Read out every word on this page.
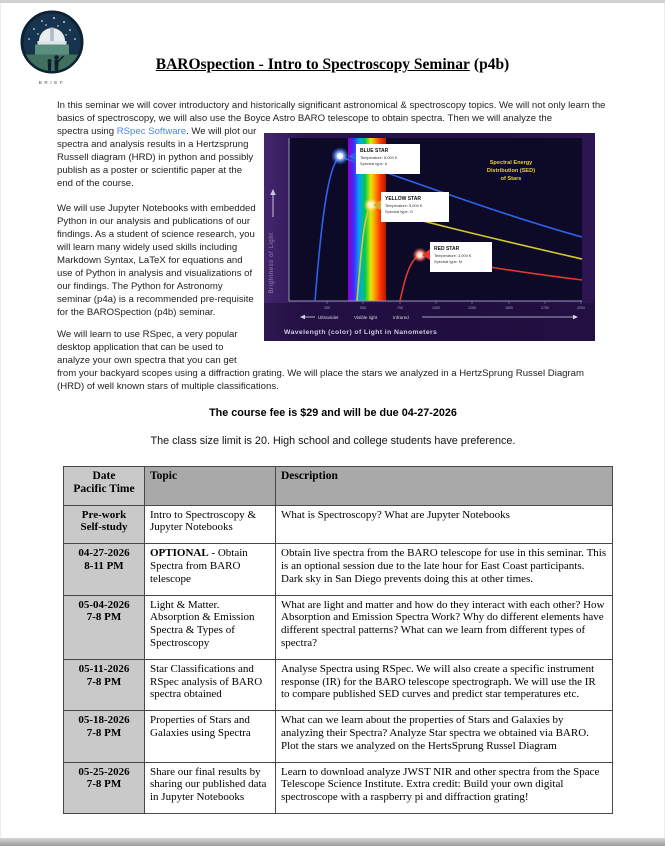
BRIEF
BAROspection - Intro to Spectroscopy Seminar (p4b)

In this seminar we will cover introductory and historically significant astronomical & spectroscopy topics. We will not only learn the basics of spectroscopy, we will also use the Boyce Astro BARO telescope to obtain spectra. Then we will analyze the

BLUE STAR
Temperature: 8,000 K
Spectral type: A
YELLOW STAR
Temperature: 5,000 K
Spectral type: G
RED STAR
Temperature: 3,000 K
Spectral type: M
Spectral Energy
Distribution (SED)
of Stars
Brightness of Light
250	500	750	1000	1250	1500	1750	2000
Ultraviolet	Visible light	Infrared
Wavelength (color) of Light in Nanometers

spectra using RSpec Software. We will plot our spectra and analysis results in a Hertzsprung Russell diagram (HRD) in python and possibly publish as a poster or scientific paper at the end of the course.

We will use Jupyter Notebooks with embedded Python in our analysis and publications of our findings. As a student of science research, you will learn many widely used skills including Markdown Syntax, LaTeX for equations and use of Python in analysis and visualizations of our findings. The Python for Astronomy seminar (p4a) is a recommended pre-requisite for the BAROSpection (p4b) seminar.

We will learn to use RSpec, a very popular desktop application that can be used to analyze your own spectra that you can get from your backyard scopes using a diffraction grating. We will place the stars we analyzed in a HertzSprung Russel Diagram (HRD) of well known stars of multiple classifications.

The course fee is $29 and will be due 04-27-2026

The class size limit is 20. High school and college students have preference.

Date
Pacific Time	Topic	Description

Pre-work
Self-study	Intro to Spectroscopy & Jupyter Notebooks	What is Spectroscopy? What are Jupyter Notebooks

04-27-2026
8-11 PM	OPTIONAL - Obtain Spectra from BARO telescope	Obtain live spectra from the BARO telescope for use in this seminar. This is an optional session due to the late hour for East Coast participants. Dark sky in San Diego prevents doing this at other times.

05-04-2026
7-8 PM	Light & Matter. Absorption & Emission Spectra & Types of Spectroscopy	What are light and matter and how do they interact with each other? How Absorption and Emission Spectra Work? Why do different elements have different spectral patterns? What can we learn from different types of spectra?

05-11-2026
7-8 PM	Star Classifications and RSpec analysis of BARO spectra obtained	Analyse Spectra using RSpec. We will also create a specific instrument response (IR) for the BARO telescope spectrograph. We will use the IR to compare published SED curves and predict star temperatures etc.

05-18-2026
7-8 PM	Properties of Stars and Galaxies using Spectra	What can we learn about the properties of Stars and Galaxies by analyzing their Spectra? Analyze Star spectra we obtained via BARO. Plot the stars we analyzed on the HertsSprung Russel Diagram

05-25-2026
7-8 PM	Share our final results by sharing our published data in Jupyter Notebooks	Learn to download analyze JWST NIR and other spectra from the Space Telescope Science Institute. Extra credit: Build your own digital spectroscope with a raspberry pi and diffraction grating!
